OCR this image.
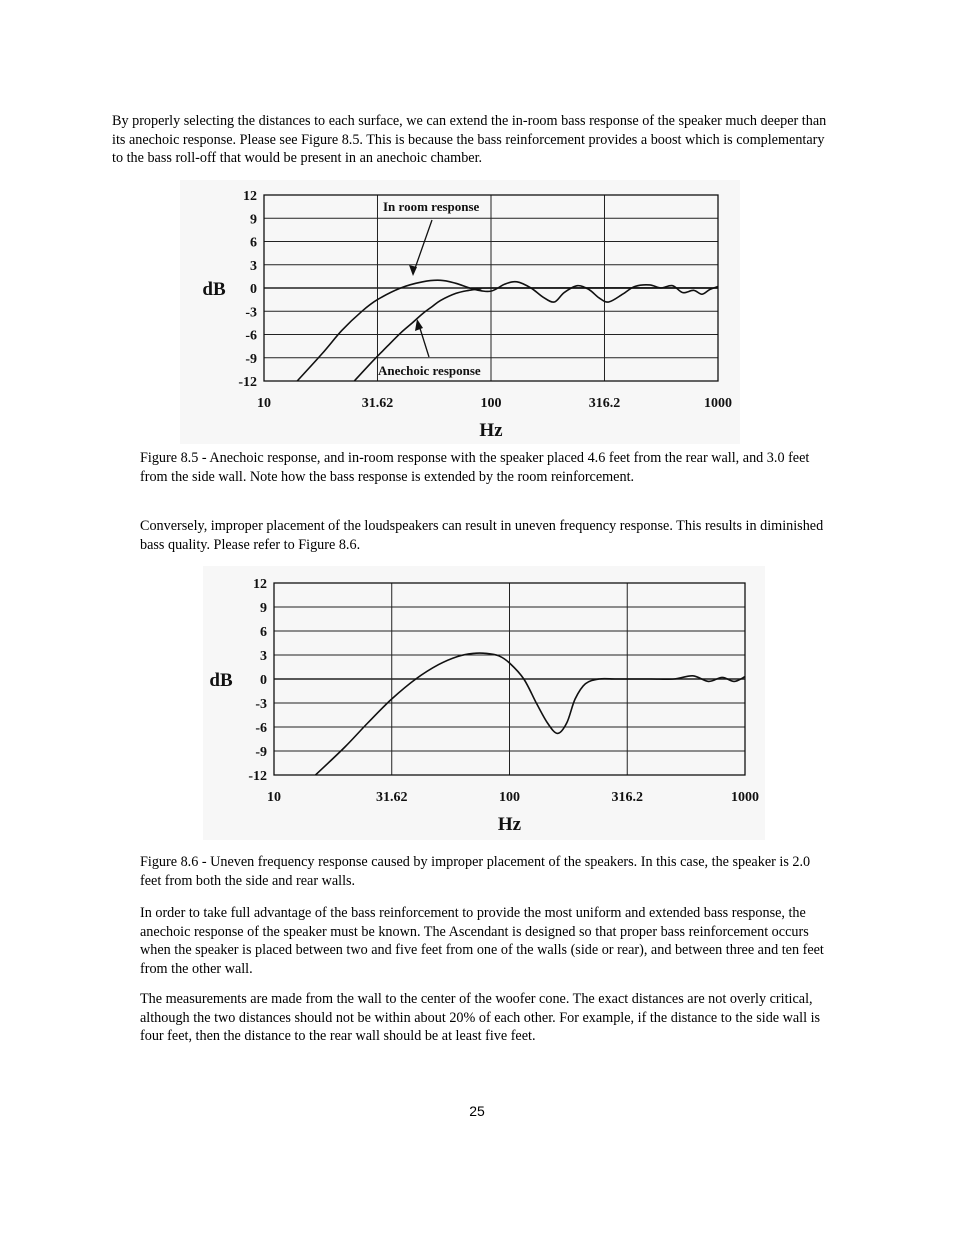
By properly selecting the distances to each surface, we can extend the in-room bass response of the speaker much deeper than its anechoic response. Please see Figure 8.5. This is because the bass reinforcement provides a boost which is complementary to the bass roll-off that would be present in an anechoic chamber.

12
9
6
3
0
-3
-6
-9
-12
10	31.62	100	316.2	1000
dB
Hz
In room response
Anechoic response

Figure 8.5 - Anechoic response, and in-room response with the speaker placed 4.6 feet from the rear wall, and 3.0 feet from the side wall. Note how the bass response is extended by the room reinforcement.

Conversely, improper placement of the loudspeakers can result in uneven frequency response. This results in diminished bass quality. Please refer to Figure 8.6.

12
9
6
3
0
-3
-6
-9
-12
10	31.62	100	316.2	1000
dB
Hz

Figure 8.6 - Uneven frequency response caused by improper placement of the speakers. In this case, the speaker is 2.0 feet from both the side and rear walls.

In order to take full advantage of the bass reinforcement to provide the most uniform and extended bass response, the anechoic response of the speaker must be known. The Ascendant is designed so that proper bass reinforcement occurs when the speaker is placed between two and five feet from one of the walls (side or rear), and between three and ten feet from the other wall.

The measurements are made from the wall to the center of the woofer cone. The exact distances are not overly critical, although the two distances should not be within about 20% of each other. For example, if the distance to the side wall is four feet, then the distance to the rear wall should be at least five feet.

25
